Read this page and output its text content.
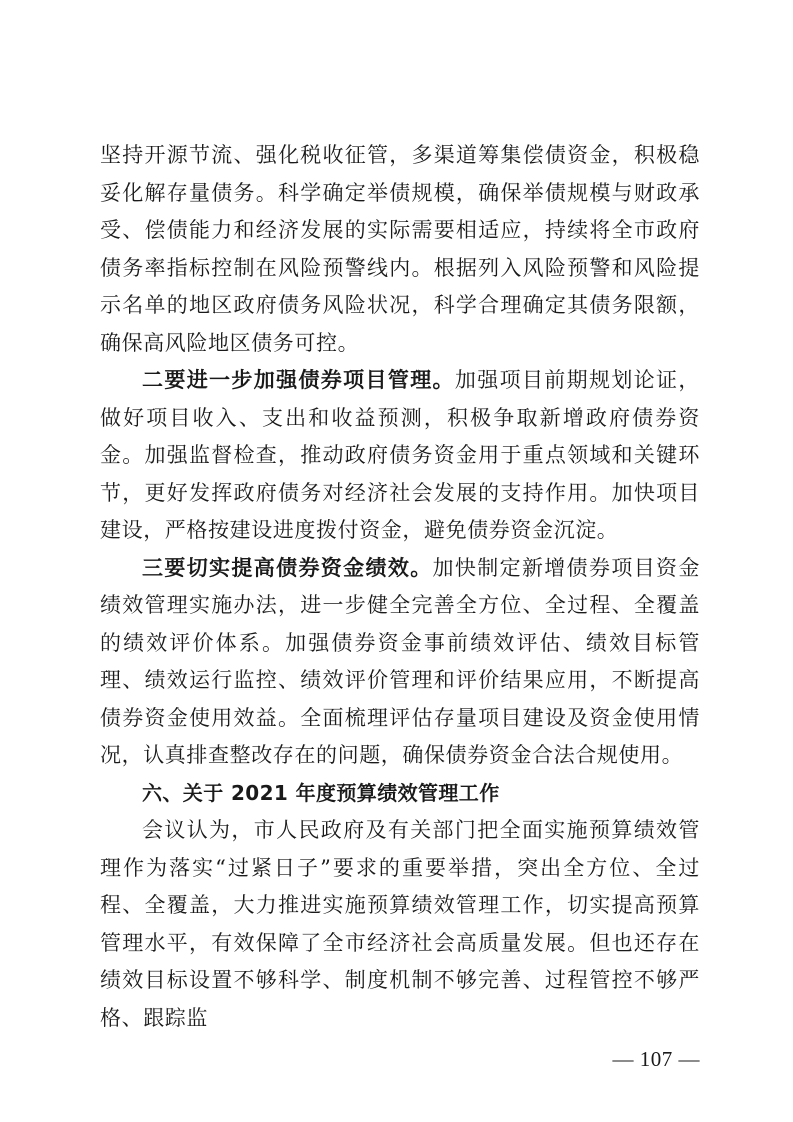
坚持开源节流、强化税收征管，多渠道筹集偿债资金，积极稳妥化解存量债务。科学确定举债规模，确保举债规模与财政承受、偿债能力和经济发展的实际需要相适应，持续将全市政府债务率指标控制在风险预警线内。根据列入风险预警和风险提示名单的地区政府债务风险状况，科学合理确定其债务限额，确保高风险地区债务可控。

二要进一步加强债券项目管理。加强项目前期规划论证，做好项目收入、支出和收益预测，积极争取新增政府债券资金。加强监督检查，推动政府债务资金用于重点领域和关键环节，更好发挥政府债务对经济社会发展的支持作用。加快项目建设，严格按建设进度拨付资金，避免债券资金沉淀。

三要切实提高债券资金绩效。加快制定新增债券项目资金绩效管理实施办法，进一步健全完善全方位、全过程、全覆盖的绩效评价体系。加强债券资金事前绩效评估、绩效目标管理、绩效运行监控、绩效评价管理和评价结果应用，不断提高债券资金使用效益。全面梳理评估存量项目建设及资金使用情况，认真排查整改存在的问题，确保债券资金合法合规使用。

六、关于 2021 年度预算绩效管理工作

会议认为，市人民政府及有关部门把全面实施预算绩效管理作为落实“过紧日子”要求的重要举措，突出全方位、全过程、全覆盖，大力推进实施预算绩效管理工作，切实提高预算管理水平，有效保障了全市经济社会高质量发展。但也还存在绩效目标设置不够科学、制度机制不够完善、过程管控不够严格、跟踪监

— 107 —
